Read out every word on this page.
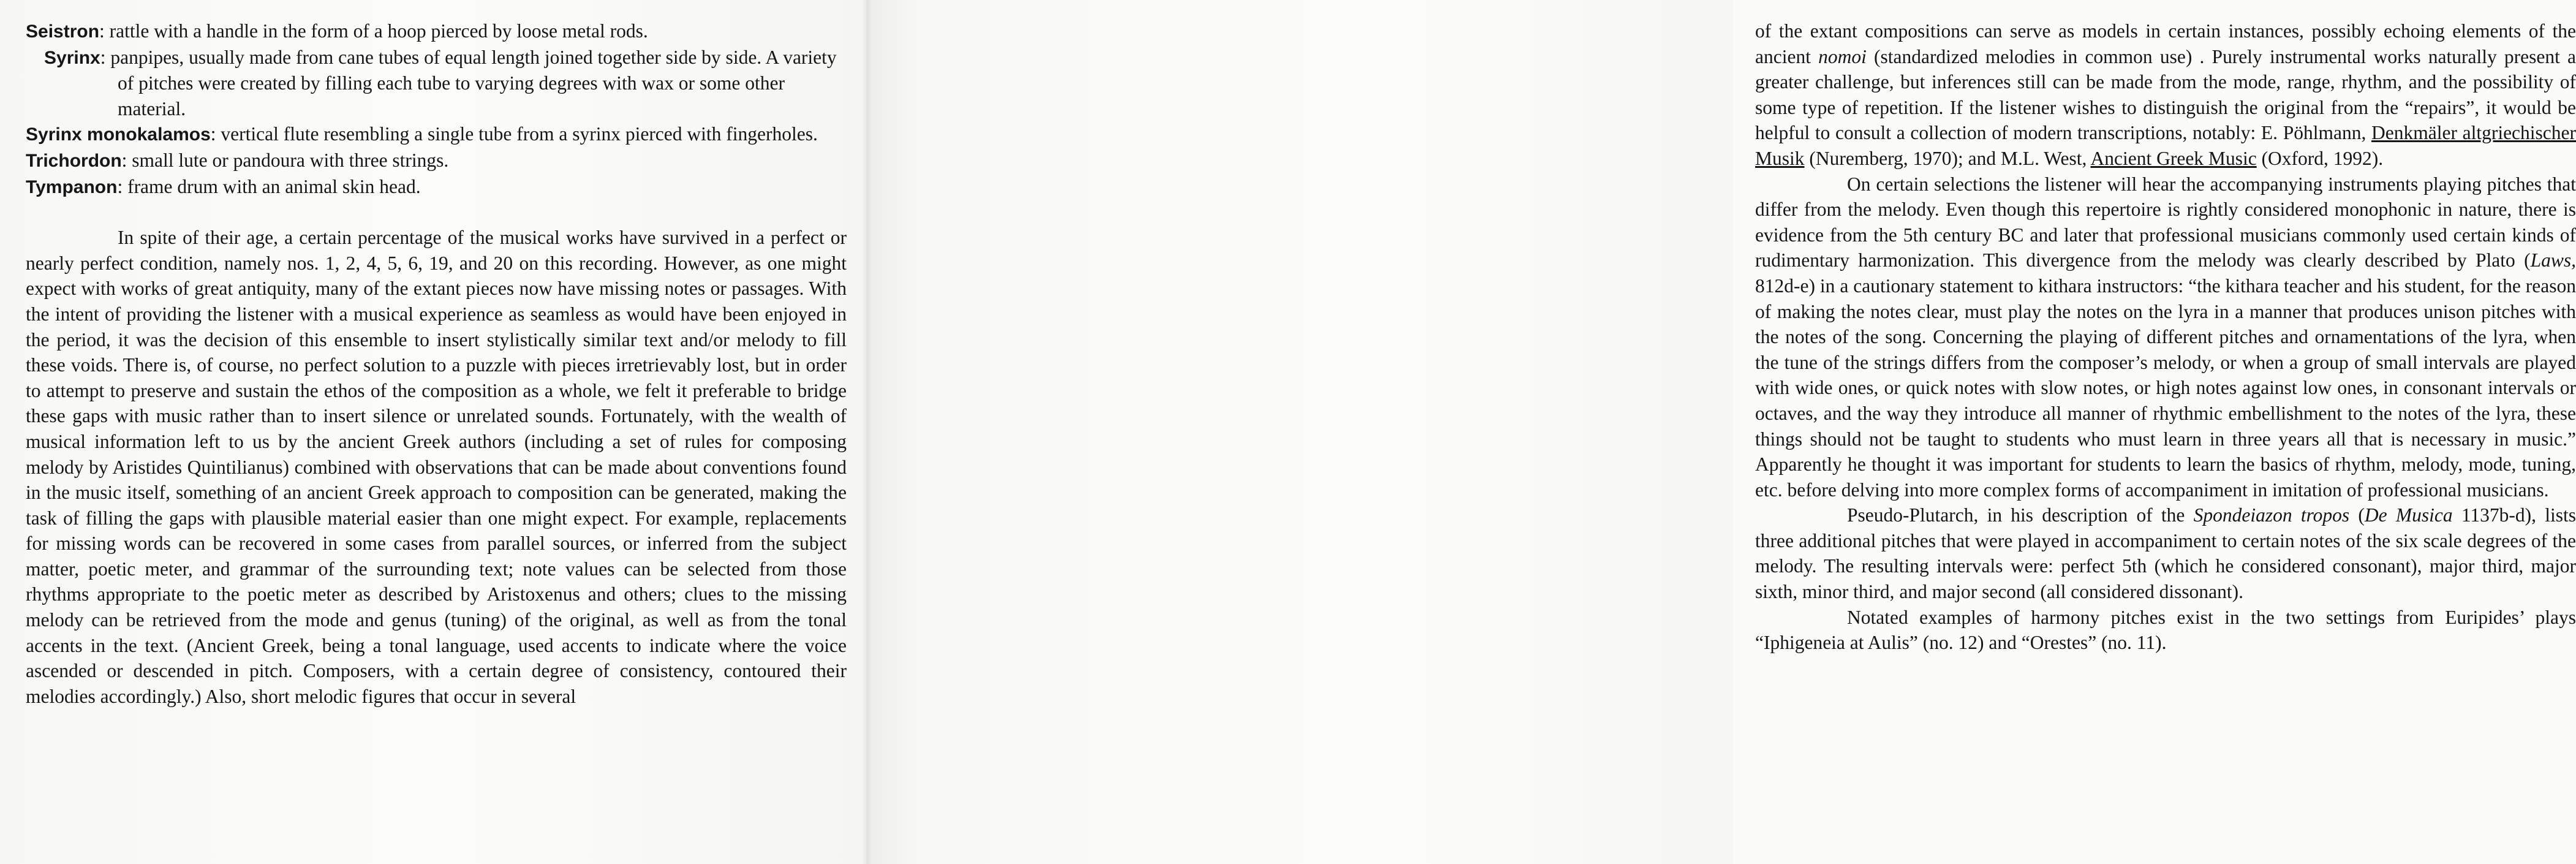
Seistron: rattle with a handle in the form of a hoop pierced by loose metal rods.
Syrinx: panpipes, usually made from cane tubes of equal length joined together side by side. A variety of pitches were created by filling each tube to varying degrees with wax or some other material.
Syrinx monokalamos: vertical flute resembling a single tube from a syrinx pierced with fingerholes.
Trichordon: small lute or pandoura with three strings.
Tympanon: frame drum with an animal skin head.

In spite of their age, a certain percentage of the musical works have survived in a perfect or nearly perfect condition, namely nos. 1, 2, 4, 5, 6, 19, and 20 on this recording. However, as one might expect with works of great antiquity, many of the extant pieces now have missing notes or passages. With the intent of providing the listener with a musical experience as seamless as would have been enjoyed in the period, it was the decision of this ensemble to insert stylistically similar text and/or melody to fill these voids. There is, of course, no perfect solution to a puzzle with pieces irretrievably lost, but in order to attempt to preserve and sustain the ethos of the composition as a whole, we felt it preferable to bridge these gaps with music rather than to insert silence or unrelated sounds. Fortunately, with the wealth of musical information left to us by the ancient Greek authors (including a set of rules for composing melody by Aristides Quintilianus) combined with observations that can be made about conventions found in the music itself, something of an ancient Greek approach to composition can be generated, making the task of filling the gaps with plausible material easier than one might expect. For example, replacements for missing words can be recovered in some cases from parallel sources, or inferred from the subject matter, poetic meter, and grammar of the surrounding text; note values can be selected from those rhythms appropriate to the poetic meter as described by Aristoxenus and others; clues to the missing melody can be retrieved from the mode and genus (tuning) of the original, as well as from the tonal accents in the text. (Ancient Greek, being a tonal language, used accents to indicate where the voice ascended or descended in pitch. Composers, with a certain degree of consistency, contoured their melodies accordingly.) Also, short melodic figures that occur in several

of the extant compositions can serve as models in certain instances, possibly echoing elements of the ancient nomoi (standardized melodies in common use) . Purely instrumental works naturally present a greater challenge, but inferences still can be made from the mode, range, rhythm, and the possibility of some type of repetition. If the listener wishes to distinguish the original from the “repairs”, it would be helpful to consult a collection of modern transcriptions, notably: E. Pöhlmann, Denkmäler altgriechischer Musik (Nuremberg, 1970); and M.L. West, Ancient Greek Music (Oxford, 1992).

On certain selections the listener will hear the accompanying instruments playing pitches that differ from the melody. Even though this repertoire is rightly considered monophonic in nature, there is evidence from the 5th century BC and later that professional musicians commonly used certain kinds of rudimentary harmonization. This divergence from the melody was clearly described by Plato (Laws, 812d-e) in a cautionary statement to kithara instructors: “the kithara teacher and his student, for the reason of making the notes clear, must play the notes on the lyra in a manner that produces unison pitches with the notes of the song. Concerning the playing of different pitches and ornamentations of the lyra, when the tune of the strings differs from the composer’s melody, or when a group of small intervals are played with wide ones, or quick notes with slow notes, or high notes against low ones, in consonant intervals or octaves, and the way they introduce all manner of rhythmic embellishment to the notes of the lyra, these things should not be taught to students who must learn in three years all that is necessary in music.” Apparently he thought it was important for students to learn the basics of rhythm, melody, mode, tuning, etc. before delving into more complex forms of accompaniment in imitation of professional musicians.

Pseudo-Plutarch, in his description of the Spondeiazon tropos (De Musica 1137b-d), lists three additional pitches that were played in accompaniment to certain notes of the six scale degrees of the melody. The resulting intervals were: perfect 5th (which he considered consonant), major third, major sixth, minor third, and major second (all considered dissonant).

Notated examples of harmony pitches exist in the two settings from Euripides’ plays “Iphigeneia at Aulis” (no. 12) and “Orestes” (no. 11).
